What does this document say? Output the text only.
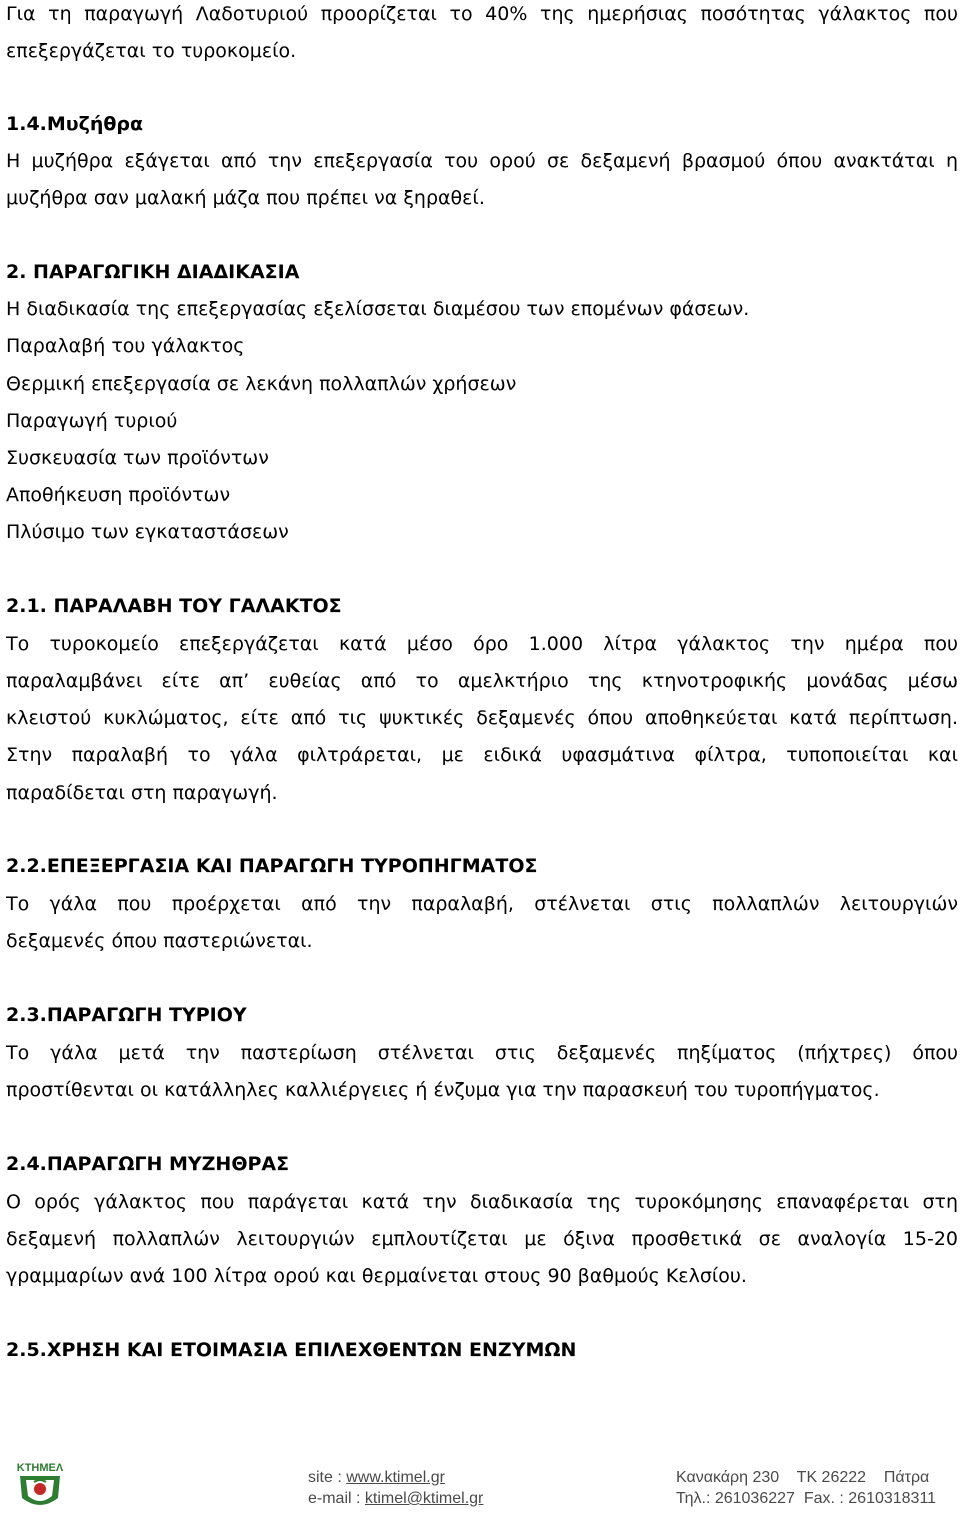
Για τη παραγωγή Λαδοτυριού προορίζεται το 40% της ημερήσιας ποσότητας γάλακτος που
επεξεργάζεται το τυροκομείο.
1.4.Μυζήθρα
Η μυζήθρα εξάγεται από την επεξεργασία του ορού σε δεξαμενή βρασμού όπου ανακτάται η
μυζήθρα σαν μαλακή μάζα που πρέπει να ξηραθεί.
2. ΠΑΡΑΓΩΓΙΚΗ ΔΙΑΔΙΚΑΣΙΑ
Η διαδικασία της επεξεργασίας εξελίσσεται διαμέσου των επομένων φάσεων.
Παραλαβή του γάλακτος
Θερμική επεξεργασία σε λεκάνη πολλαπλών χρήσεων
Παραγωγή τυριού
Συσκευασία των προϊόντων
Αποθήκευση προϊόντων
Πλύσιμο των εγκαταστάσεων
2.1. ΠΑΡΑΛΑΒΗ ΤΟΥ ΓΑΛΑΚΤΟΣ
Το τυροκομείο επεξεργάζεται κατά μέσο όρο 1.000 λίτρα γάλακτος την ημέρα που
παραλαμβάνει είτε απ’ ευθείας από το αμελκτήριο της κτηνοτροφικής μονάδας μέσω
κλειστού κυκλώματος, είτε από τις ψυκτικές δεξαμενές όπου αποθηκεύεται κατά περίπτωση.
Στην παραλαβή το γάλα φιλτράρεται, με ειδικά υφασμάτινα φίλτρα, τυποποιείται και
παραδίδεται στη παραγωγή.
2.2.ΕΠΕΞΕΡΓΑΣΙΑ ΚΑΙ ΠΑΡΑΓΩΓΗ ΤΥΡΟΠΗΓΜΑΤΟΣ
Το γάλα που προέρχεται από την παραλαβή, στέλνεται στις πολλαπλών λειτουργιών
δεξαμενές όπου παστεριώνεται.
2.3.ΠΑΡΑΓΩΓΗ ΤΥΡΙΟΥ
Το γάλα μετά την παστερίωση στέλνεται στις δεξαμενές πηξίματος (πήχτρες) όπου
προστίθενται οι κατάλληλες καλλιέργειες ή ένζυμα για την παρασκευή του τυροπήγματος.
2.4.ΠΑΡΑΓΩΓΗ ΜΥΖΗΘΡΑΣ
Ο ορός γάλακτος που παράγεται κατά την διαδικασία της τυροκόμησης επαναφέρεται στη
δεξαμενή πολλαπλών λειτουργιών εμπλουτίζεται με όξινα προσθετικά σε αναλογία 15-20
γραμμαρίων ανά 100 λίτρα ορού και θερμαίνεται στους 90 βαθμούς Κελσίου.
2.5.ΧΡΗΣΗ ΚΑΙ ΕΤΟΙΜΑΣΙΑ ΕΠΙΛΕΧΘΕΝΤΩΝ ΕΝΖΥΜΩΝ
ΚΤΗΜΕΛ
site : www.ktimel.gr
e-mail : ktimel@ktimel.gr
Κανακάρη 230    ΤΚ 26222    Πάτρα
Τηλ.: 261036227  Fax. : 2610318311
